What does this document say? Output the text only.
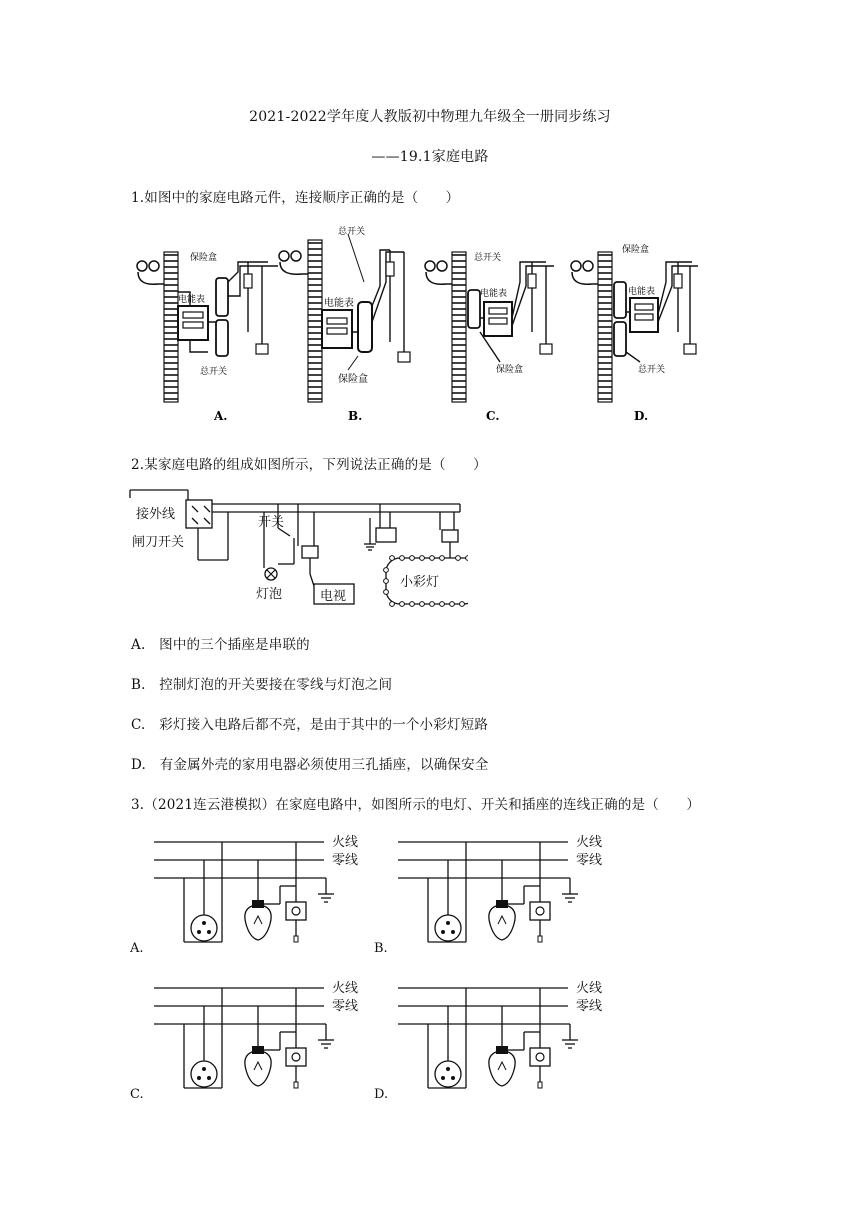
2021-2022学年度人教版初中物理九年级全一册同步练习
——19.1家庭电路
1.如图中的家庭电路元件，连接顺序正确的是（　　）
保险盒
电能表
总开关
A.
总开关
电能表
保险盒
B.
总开关
电能表
保险盒
C.
保险盒
电能表
总开关
D.
2.某家庭电路的组成如图所示，下列说法正确的是（　　）
接外线
闸刀开关
开关
灯泡	电视
小彩灯
A.　图中的三个插座是串联的
B.　控制灯泡的开关要接在零线与灯泡之间
C.　彩灯接入电路后都不亮，是由于其中的一个小彩灯短路
D.　有金属外壳的家用电器必须使用三孔插座，以确保安全
3.（2021连云港模拟）在家庭电路中，如图所示的电灯、开关和插座的连线正确的是（　　）
火线
零线
A.
火线
零线
B.
火线
零线
C.
火线
零线
D.
